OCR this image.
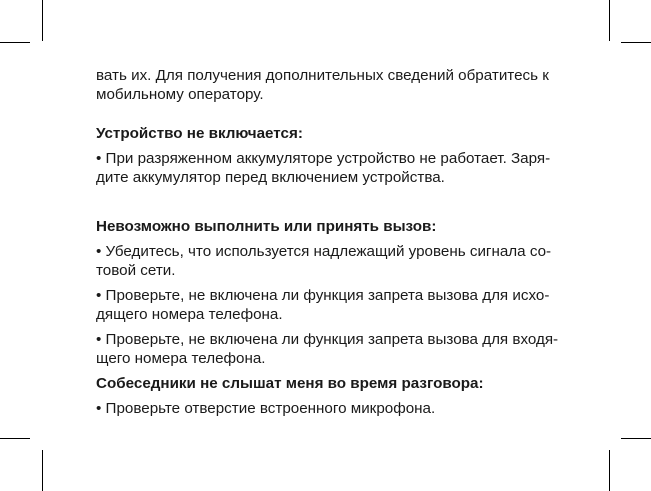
вать их. Для получения дополнительных сведений обратитесь к
мобильному оператору.

Устройство не включается:

• При разряженном аккумуляторе устройство не работает. Заря-
дите аккумулятор перед включением устройства.

Невозможно выполнить или принять вызов:

• Убедитесь, что используется надлежащий уровень сигнала со-
товой сети.

• Проверьте, не включена ли функция запрета вызова для исхо-
дящего номера телефона.

• Проверьте, не включена ли функция запрета вызова для входя-
щего номера телефона.

Собеседники не слышат меня во время разговора:

• Проверьте отверстие встроенного микрофона.
